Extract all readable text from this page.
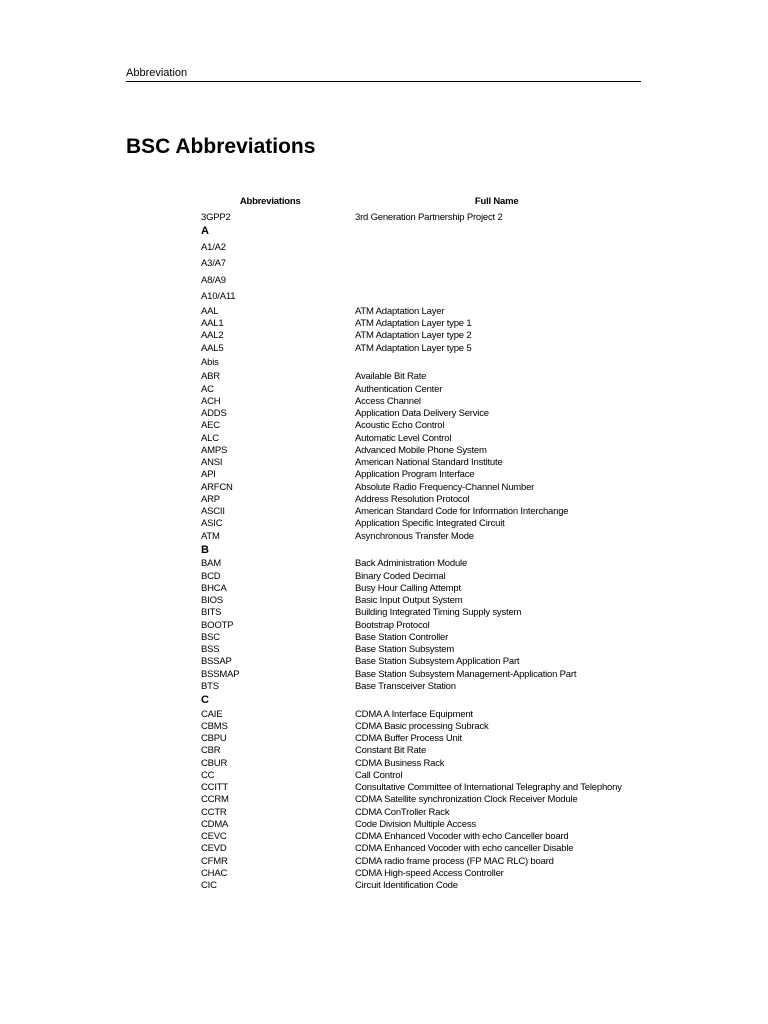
Abbreviation
BSC Abbreviations
Abbreviations	Full Name
3GPP2	3rd Generation Partnership Project 2
A
A1/A2
A3/A7
A8/A9
A10/A11
AAL	ATM Adaptation Layer
AAL1	ATM Adaptation Layer type 1
AAL2	ATM Adaptation Layer type 2
AAL5	ATM Adaptation Layer type 5
Abis
ABR	Available Bit Rate
AC	Authentication Center
ACH	Access Channel
ADDS	Application Data Delivery Service
AEC	Acoustic Echo Control
ALC	Automatic Level Control
AMPS	Advanced Mobile Phone System
ANSI	American National Standard Institute
API	Application Program Interface
ARFCN	Absolute Radio Frequency-Channel Number
ARP	Address Resolution Protocol
ASCII	American Standard Code for Information Interchange
ASIC	Application Specific Integrated Circuit
ATM	Asynchronous Transfer Mode
B
BAM	Back Administration Module
BCD	Binary Coded Decimal
BHCA	Busy Hour Calling Attempt
BIOS	Basic Input Output System
BITS	Building Integrated Timing Supply system
BOOTP	Bootstrap Protocol
BSC	Base Station Controller
BSS	Base Station Subsystem
BSSAP	Base Station Subsystem Application Part
BSSMAP	Base Station Subsystem Management-Application Part
BTS	Base Transceiver Station
C
CAIE	CDMA A Interface Equipment
CBMS	CDMA Basic processing Subrack
CBPU	CDMA Buffer Process Unit
CBR	Constant Bit Rate
CBUR	CDMA Business Rack
CC	Call Control
CCITT	Consultative Committee of International Telegraphy and Telephony
CCRM	CDMA Satellite synchronization Clock Receiver Module
CCTR	CDMA ConTroller Rack
CDMA	Code Division Multiple Access
CEVC	CDMA Enhanced Vocoder with echo Canceller board
CEVD	CDMA Enhanced Vocoder with echo canceller Disable
CFMR	CDMA radio frame process (FP MAC RLC) board
CHAC	CDMA High-speed Access Controller
CIC	Circuit Identification Code
